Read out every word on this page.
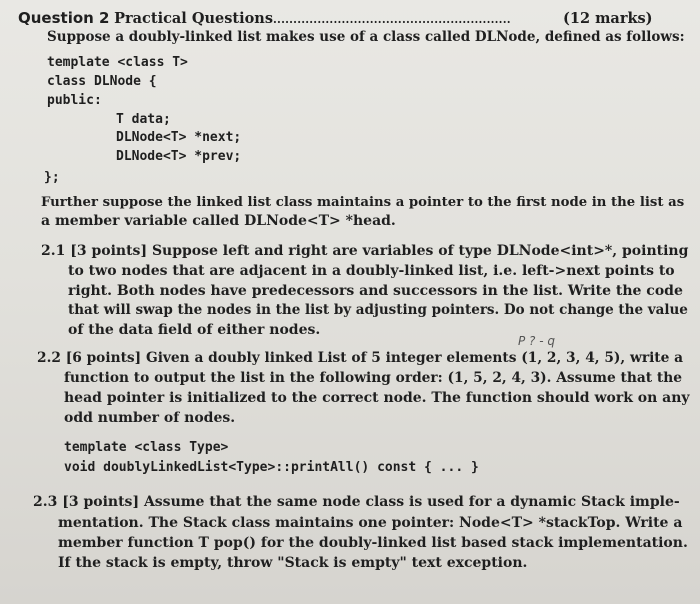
Question 2 Practical Questions...........................................................	(12 marks)
Suppose a doubly-linked list makes use of a class called DLNode, defined as follows:
template <class T>
class DLNode {
public:
T data;
DLNode<T> *next;
DLNode<T> *prev;
};
Further suppose the linked list class maintains a pointer to the first node in the list as
a member variable called DLNode<T> *head.
2.1 [3 points] Suppose left and right are variables of type DLNode<int>*, pointing
to two nodes that are adjacent in a doubly-linked list, i.e. left->next points to
right. Both nodes have predecessors and successors in the list. Write the code
that will swap the nodes in the list by adjusting pointers. Do not change the value
of the data field of either nodes.
P ? - q
2.2 [6 points] Given a doubly linked List of 5 integer elements (1, 2, 3, 4, 5), write a
function to output the list in the following order: (1, 5, 2, 4, 3). Assume that the
head pointer is initialized to the correct node. The function should work on any
odd number of nodes.
template <class Type>
void doublyLinkedList<Type>::printAll() const { ... }
2.3 [3 points] Assume that the same node class is used for a dynamic Stack imple-
mentation. The Stack class maintains one pointer: Node<T> *stackTop. Write a
member function T pop() for the doubly-linked list based stack implementation.
If the stack is empty, throw "Stack is empty" text exception.
